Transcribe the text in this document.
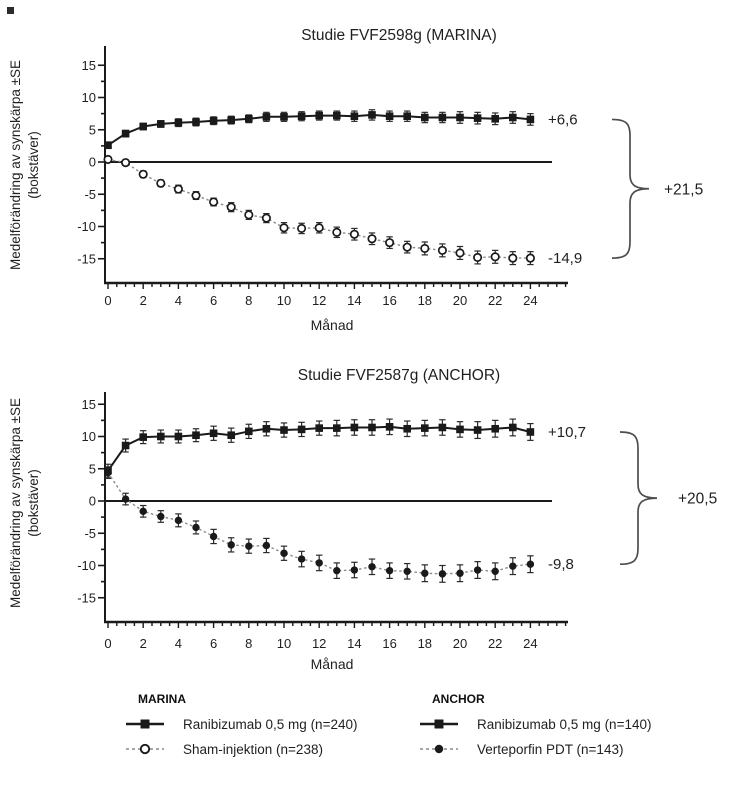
Studie FVF2598g (MARINA)
Medelförändring av synskärpa ±SE (bokstäver)
15
10
5
0
-5
-10
-15
0 2 4 6 8 10 12 14 16 18 20 22 24
Månad
+6,6
-14,9
+21,5
Studie FVF2587g (ANCHOR)
Medelförändring av synskärpa ±SE (bokstäver)
15
10
5
0
-5
-10
-15
0 2 4 6 8 10 12 14 16 18 20 22 24
Månad
+10,7
-9,8
+20,5
MARINA
Ranibizumab 0,5 mg (n=240)
Sham-injektion (n=238)
ANCHOR
Ranibizumab 0,5 mg (n=140)
Verteporfin PDT (n=143)
